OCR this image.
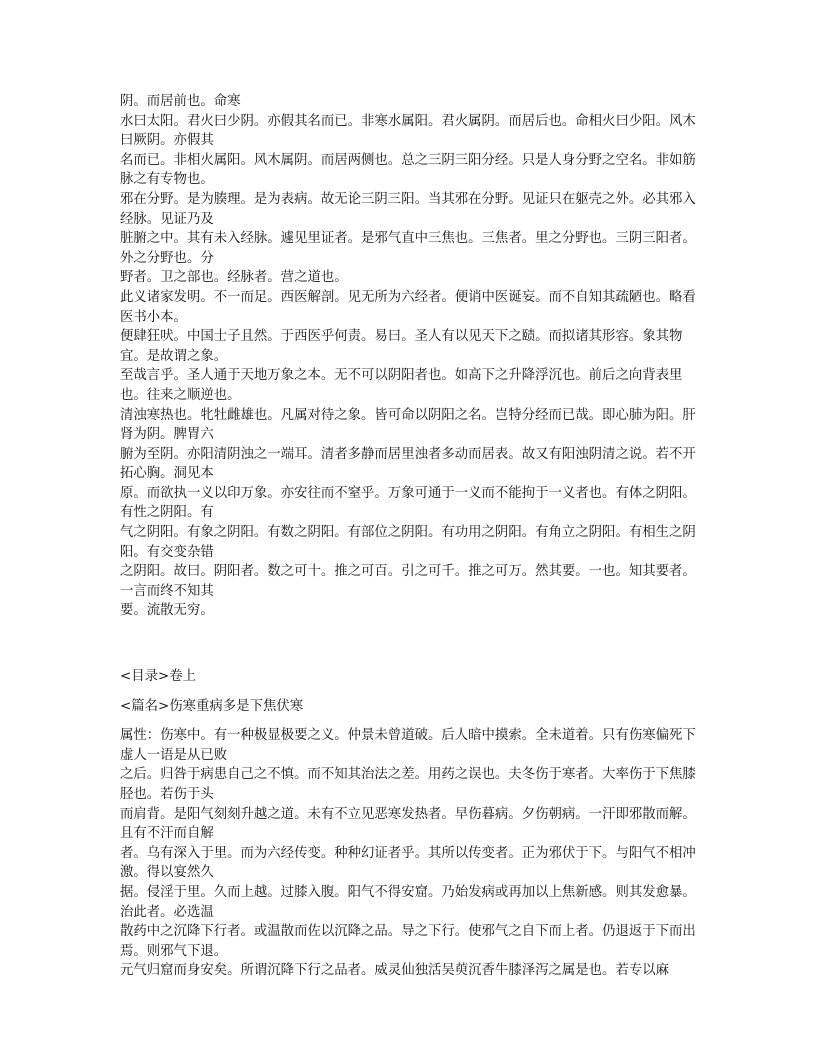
阴。而居前也。命寒

水曰太阳。君火曰少阴。亦假其名而已。非寒水属阳。君火属阴。而居后也。命相火曰少阳。风木曰厥阴。亦假其

名而已。非相火属阳。风木属阴。而居两侧也。总之三阴三阳分经。只是人身分野之空名。非如筋脉之有专物也。

邪在分野。是为腠理。是为表病。故无论三阴三阳。当其邪在分野。见证只在躯壳之外。必其邪入经脉。见证乃及

脏腑之中。其有未入经脉。遽见里证者。是邪气直中三焦也。三焦者。里之分野也。三阴三阳者。外之分野也。分

野者。卫之部也。经脉者。营之道也。

此义诸家发明。不一而足。西医解剖。见无所为六经者。便诮中医诞妄。而不自知其疏陋也。略看医书小本。

便肆狂吠。中国士子且然。于西医乎何责。易曰。圣人有以见天下之赜。而拟诸其形容。象其物宜。是故谓之象。

至哉言乎。圣人通于天地万象之本。无不可以阴阳者也。如高下之升降浮沉也。前后之向背表里也。往来之顺逆也。

清浊寒热也。牝牡雌雄也。凡属对待之象。皆可命以阴阳之名。岂特分经而已哉。即心肺为阳。肝肾为阴。脾胃六

腑为至阴。亦阳清阴浊之一端耳。清者多静而居里浊者多动而居表。故又有阳浊阴清之说。若不开拓心胸。洞见本

原。而欲执一义以印万象。亦安往而不窒乎。万象可通于一义而不能拘于一义者也。有体之阴阳。有性之阴阳。有

气之阴阳。有象之阴阳。有数之阴阳。有部位之阴阳。有功用之阴阳。有角立之阴阳。有相生之阴阳。有交变杂错

之阴阳。故曰。阴阳者。数之可十。推之可百。引之可千。推之可万。然其要。一也。知其要者。一言而终不知其

要。流散无穷。

<目录>卷上

<篇名>伤寒重病多是下焦伏寒

属性：伤寒中。有一种极显极要之义。仲景未曾道破。后人暗中摸索。全未道着。只有伤寒偏死下虚人一语是从已败

之后。归咎于病患自己之不慎。而不知其治法之差。用药之误也。夫冬伤于寒者。大率伤于下焦膝胫也。若伤于头

而肩背。是阳气刻刻升越之道。未有不立见恶寒发热者。早伤暮病。夕伤朝病。一汗即邪散而解。且有不汗而自解

者。乌有深入于里。而为六经传变。种种幻证者乎。其所以传变者。正为邪伏于下。与阳气不相冲激。得以宴然久

据。侵淫于里。久而上越。过膝入腹。阳气不得安窟。乃始发病或再加以上焦新感。则其发愈暴。治此者。必选温

散药中之沉降下行者。或温散而佐以沉降之品。导之下行。使邪气之自下而上者。仍退返于下而出焉。则邪气下退。

元气归窟而身安矣。所谓沉降下行之品者。威灵仙独活吴萸沉香牛膝泽泻之属是也。若专以麻
